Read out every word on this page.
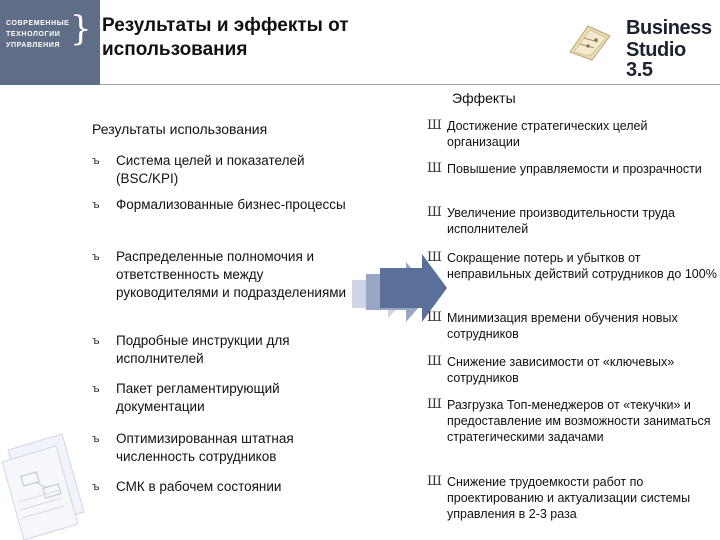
СОВРЕМЕННЫЕ
ТЕХНОЛОГИИ
УПРАВЛЕНИЯ } Результаты и эффекты от использования
Business
Studio 3.5
Результаты использования
Эффекты
ъ Система целей и показателей (BSC/KPI)
ъ Формализованные бизнес-процессы
ъ Распределенные полномочия и ответственность между руководителями и подразделениями
ъ Подробные инструкции для исполнителей
ъ Пакет регламентирующий документации
ъ Оптимизированная штатная численность сотрудников
ъ СМК в рабочем состоянии
Ш Достижение стратегических целей организации
Ш Повышение управляемости и прозрачности
Ш Увеличение производительности труда исполнителей
Ш Сокращение потерь и убытков от неправильных действий сотрудников до 100%
Ш Минимизация времени обучения новых сотрудников
Ш Снижение зависимости от «ключевых» сотрудников
Ш Разгрузка Топ-менеджеров от «текучки» и предоставление им возможности заниматься стратегическими задачами
Ш Снижение трудоемкости работ по проектированию и актуализации системы управления в 2-3 раза
